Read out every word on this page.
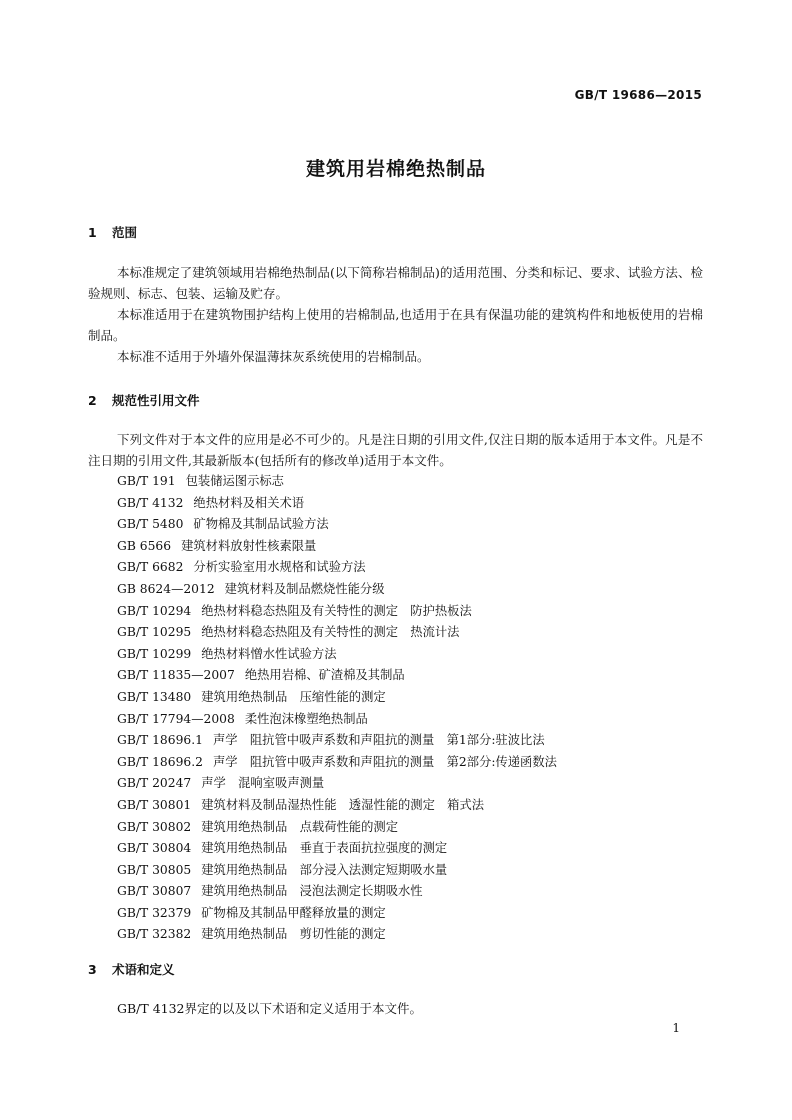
GB/T 19686—2015
建筑用岩棉绝热制品
1 范围

本标准规定了建筑领域用岩棉绝热制品(以下简称岩棉制品)的适用范围、分类和标记、要求、试验方法、检验规则、标志、包装、运输及贮存。

本标准适用于在建筑物围护结构上使用的岩棉制品,也适用于在具有保温功能的建筑构件和地板使用的岩棉制品。

本标准不适用于外墙外保温薄抹灰系统使用的岩棉制品。

2 规范性引用文件

下列文件对于本文件的应用是必不可少的。凡是注日期的引用文件,仅注日期的版本适用于本文件。凡是不注日期的引用文件,其最新版本(包括所有的修改单)适用于本文件。

GB/T 191 包装储运图示标志
GB/T 4132 绝热材料及相关术语
GB/T 5480 矿物棉及其制品试验方法
GB 6566 建筑材料放射性核素限量
GB/T 6682 分析实验室用水规格和试验方法
GB 8624—2012 建筑材料及制品燃烧性能分级
GB/T 10294 绝热材料稳态热阻及有关特性的测定　防护热板法
GB/T 10295 绝热材料稳态热阻及有关特性的测定　热流计法
GB/T 10299 绝热材料憎水性试验方法
GB/T 11835—2007 绝热用岩棉、矿渣棉及其制品
GB/T 13480 建筑用绝热制品　压缩性能的测定
GB/T 17794—2008 柔性泡沫橡塑绝热制品
GB/T 18696.1 声学　阻抗管中吸声系数和声阻抗的测量　第1部分:驻波比法
GB/T 18696.2 声学　阻抗管中吸声系数和声阻抗的测量　第2部分:传递函数法
GB/T 20247 声学　混响室吸声测量
GB/T 30801 建筑材料及制品湿热性能　透湿性能的测定　箱式法
GB/T 30802 建筑用绝热制品　点载荷性能的测定
GB/T 30804 建筑用绝热制品　垂直于表面抗拉强度的测定
GB/T 30805 建筑用绝热制品　部分浸入法测定短期吸水量
GB/T 30807 建筑用绝热制品　浸泡法测定长期吸水性
GB/T 32379 矿物棉及其制品甲醛释放量的测定
GB/T 32382 建筑用绝热制品　剪切性能的测定
3 术语和定义

GB/T 4132界定的以及以下术语和定义适用于本文件。

1
